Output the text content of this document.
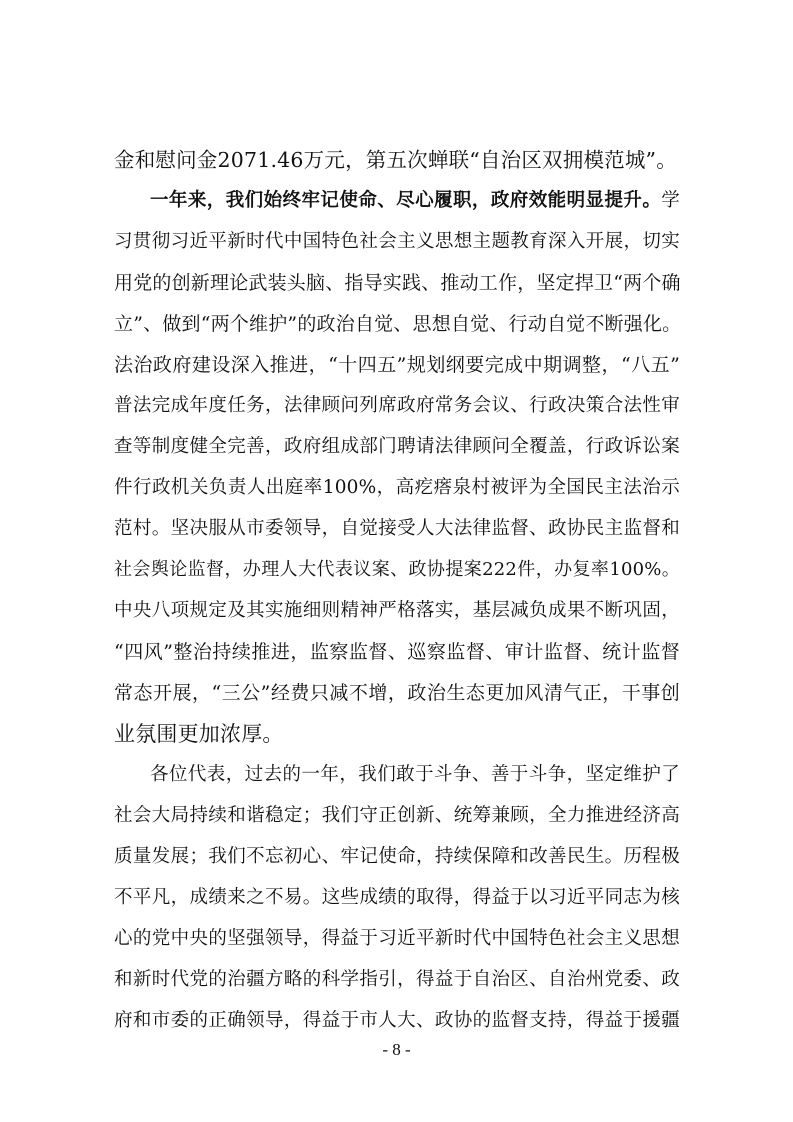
金和慰问金2071.46万元，第五次蝉联“自治区双拥模范城”。
一年来，我们始终牢记使命、尽心履职，政府效能明显提升。学
习贯彻习近平新时代中国特色社会主义思想主题教育深入开展，切实
用党的创新理论武装头脑、指导实践、推动工作，坚定捍卫“两个确
立”、做到“两个维护”的政治自觉、思想自觉、行动自觉不断强化。
法治政府建设深入推进，“十四五”规划纲要完成中期调整，“八五”
普法完成年度任务，法律顾问列席政府常务会议、行政决策合法性审
查等制度健全完善，政府组成部门聘请法律顾问全覆盖，行政诉讼案
件行政机关负责人出庭率100%，高疙瘩泉村被评为全国民主法治示
范村。坚决服从市委领导，自觉接受人大法律监督、政协民主监督和
社会舆论监督，办理人大代表议案、政协提案222件，办复率100%。
中央八项规定及其实施细则精神严格落实，基层减负成果不断巩固，
“四风”整治持续推进，监察监督、巡察监督、审计监督、统计监督
常态开展，“三公”经费只减不增，政治生态更加风清气正，干事创
业氛围更加浓厚。
各位代表，过去的一年，我们敢于斗争、善于斗争，坚定维护了
社会大局持续和谐稳定；我们守正创新、统筹兼顾，全力推进经济高
质量发展；我们不忘初心、牢记使命，持续保障和改善民生。历程极
不平凡，成绩来之不易。这些成绩的取得，得益于以习近平同志为核
心的党中央的坚强领导，得益于习近平新时代中国特色社会主义思想
和新时代党的治疆方略的科学指引，得益于自治区、自治州党委、政
府和市委的正确领导，得益于市人大、政协的监督支持，得益于援疆
- 8 -
